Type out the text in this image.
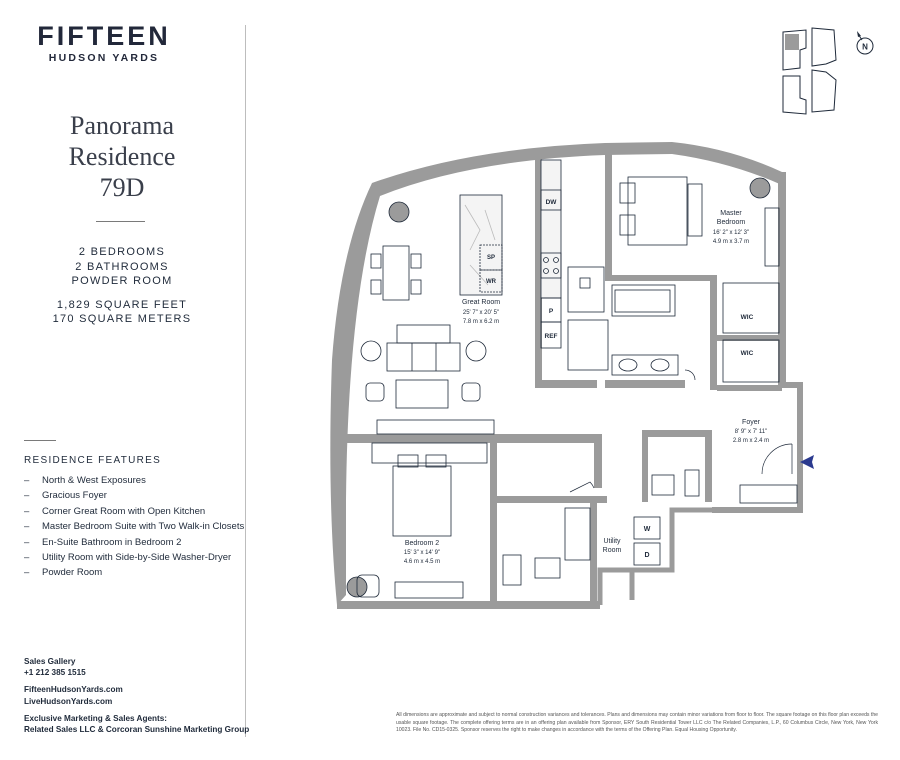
FIFTEEN
HUDSON YARDS
Panorama
Residence
79D
2 BEDROOMS
2 BATHROOMS
POWDER ROOM
1,829 SQUARE FEET
170 SQUARE METERS
RESIDENCE FEATURES
– North & West Exposures
– Gracious Foyer
– Corner Great Room with Open Kitchen
– Master Bedroom Suite with Two Walk-in Closets
– En-Suite Bathroom in Bedroom 2
– Utility Room with Side-by-Side Washer-Dryer
– Powder Room
Sales Gallery
+1 212 385 1515
FifteenHudsonYards.com
LiveHudsonYards.com
Exclusive Marketing & Sales Agents:
Related Sales LLC & Corcoran Sunshine Marketing Group
All dimensions are approximate and subject to normal construction variances and tolerances. Plans and dimensions may contain minor variations from floor to floor. The square footage on this floor plan exceeds the usable square footage. The complete offering terms are in an offering plan available from Sponsor, ERY South Residential Tower LLC c/o The Related Companies, L.P., 60 Columbus Circle, New York, New York 10023. File No. CD15-0325. Sponsor reserves the right to make changes in accordance with the terms of the Offering Plan. Equal Housing Opportunity.
N
DW
SP
WR
P
REF
WIC
WIC
W
D
Great Room
25' 7" x 20' 5"
7.8 m x 6.2 m
Master
Bedroom
16' 2" x 12' 3"
4.9 m x 3.7 m
Foyer
8' 9" x 7' 11"
2.8 m x 2.4 m
Bedroom 2
15' 3" x 14' 9"
4.6 m x 4.5 m
Utility
Room
